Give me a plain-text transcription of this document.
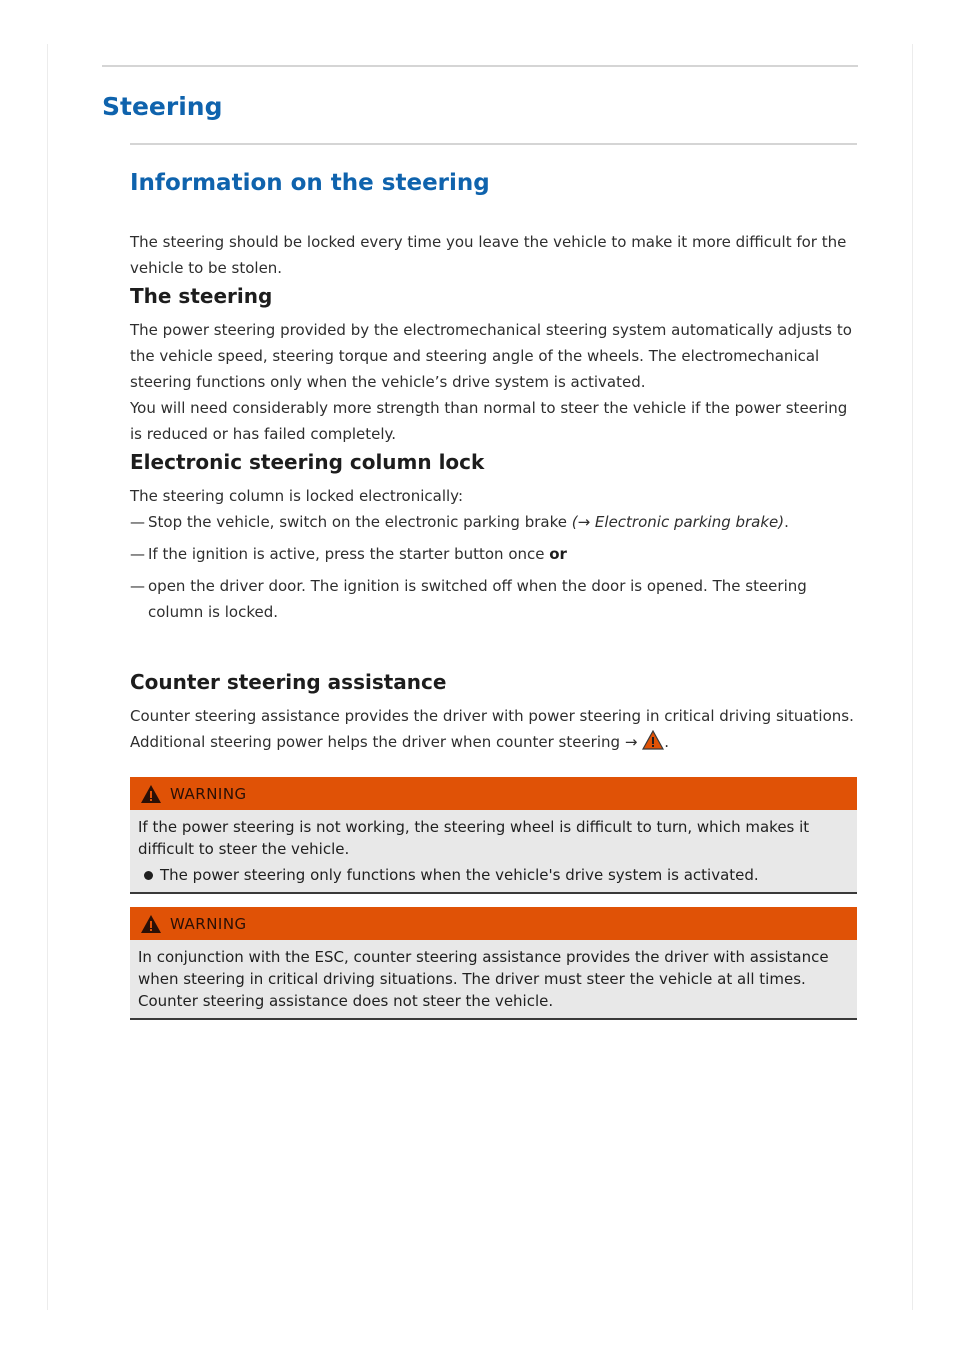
Steering
Information on the steering

The steering should be locked every time you leave the vehicle to make it more difficult for the vehicle to be stolen.

The steering

The power steering provided by the electromechanical steering system automatically adjusts to the vehicle speed, steering torque and steering angle of the wheels. The electromechanical steering functions only when the vehicle’s drive system is activated.

You will need considerably more strength than normal to steer the vehicle if the power steering is reduced or has failed completely.

Electronic steering column lock

The steering column is locked electronically:

— Stop the vehicle, switch on the electronic parking brake (→ Electronic parking brake).
— If the ignition is active, press the starter button once or
— open the driver door. The ignition is switched off when the door is opened. The steering column is locked.
Counter steering assistance

Counter steering assistance provides the driver with power steering in critical driving situations.

Additional steering power helps the driver when counter steering → .

WARNING
If the power steering is not working, the steering wheel is difficult to turn, which makes it difficult to steer the vehicle.
The power steering only functions when the vehicle's drive system is activated.
WARNING
In conjunction with the ESC, counter steering assistance provides the driver with assistance when steering in critical driving situations. The driver must steer the vehicle at all times. Counter steering assistance does not steer the vehicle.
